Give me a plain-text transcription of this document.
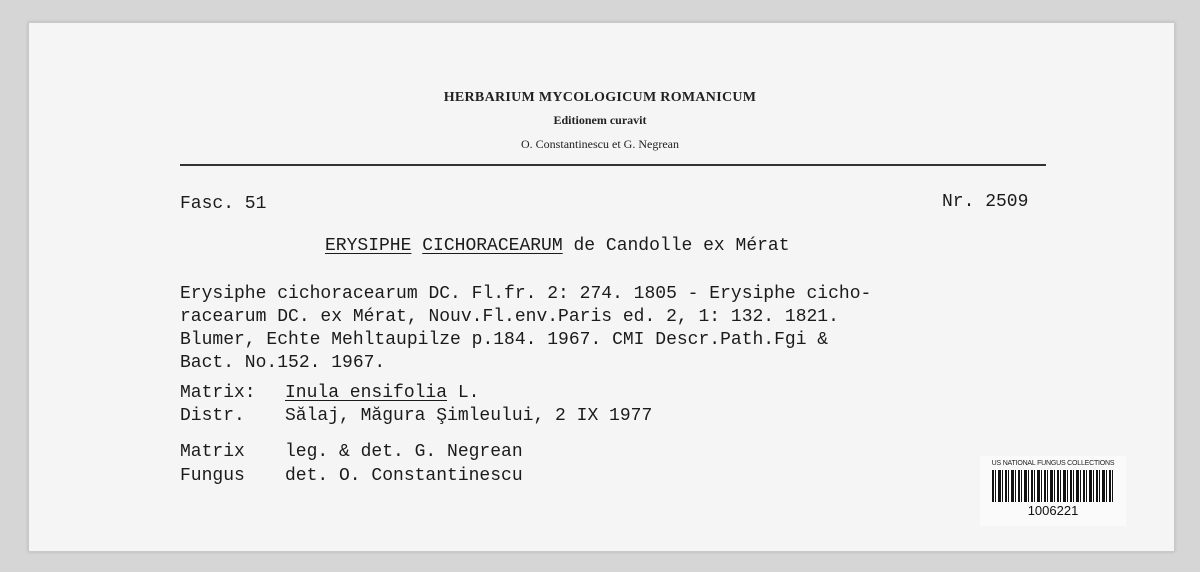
HERBARIUM MYCOLOGICUM ROMANICUM
Editionem curavit
O. Constantinescu et G. Negrean
Fasc. 51	Nr. 2509
ERYSIPHE CICHORACEARUM de Candolle ex Mérat
Erysiphe cichoracearum DC. Fl.fr. 2: 274. 1805 - Erysiphe cicho-
racearum DC. ex Mérat, Nouv.Fl.env.Paris ed. 2, 1: 132. 1821.
Blumer, Echte Mehltaupilze p.184. 1967. CMI Descr.Path.Fgi &
Bact. No.152. 1967.
Matrix: Inula ensifolia L.
Distr. Sălaj, Măgura Şimleului, 2 IX 1977
Matrix leg. & det. G. Negrean
Fungus det. O. Constantinescu
US NATIONAL FUNGUS COLLECTIONS
1006221
